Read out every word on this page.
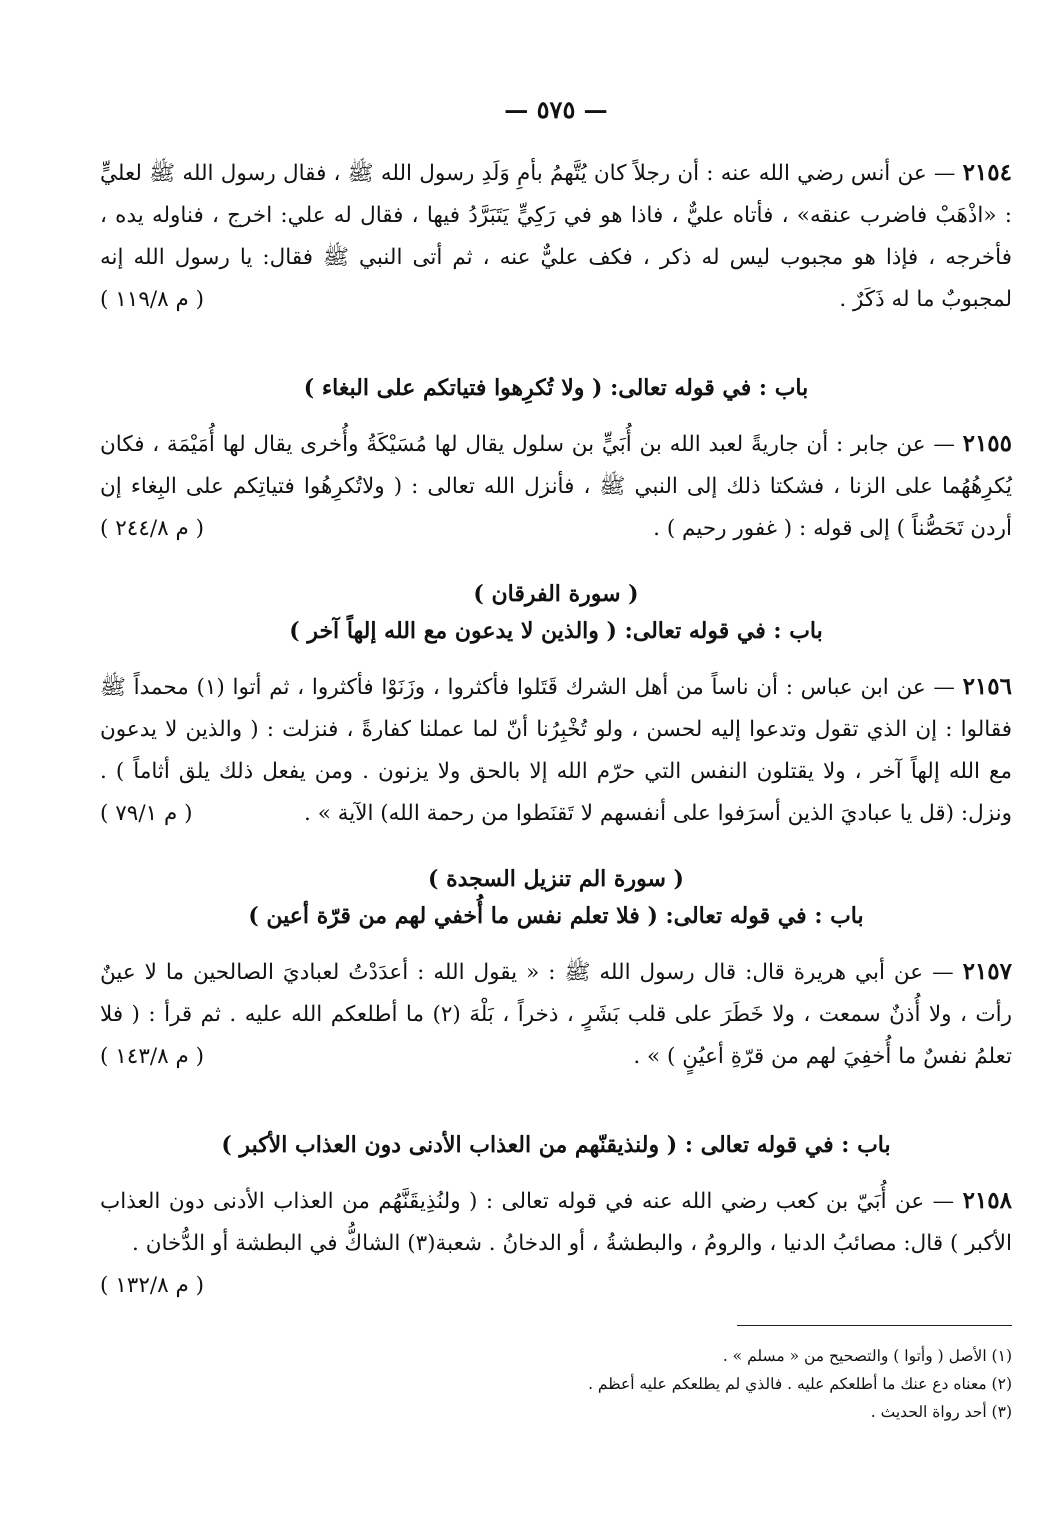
— ٥٧٥ —

٢١٥٤ — عن أنس رضي الله عنه : أن رجلاً كان يُتَّهمُ بأمِ وَلَدِ رسول الله ﷺ ، فقال رسول الله ﷺ لعليٍّ : «اذْهَبْ فاضرب عنقه» ، فأتاه عليٌّ ، فاذا هو في رَكِيٍّ يَتَبَرَّدُ فيها ، فقال له علي: اخرج ، فناوله يده ، فأخرجه ، فإذا هو مجبوب ليس له ذكر ، فكف عليٌّ عنه ، ثم أتى النبي ﷺ فقال: يا رسول الله إنه لمجبوبٌ ما له ذَكَرٌ .
( م ١١٩/٨ )

باب : في قوله تعالى: ( ولا تُكرِهوا فتياتكم على البغاء )

٢١٥٥ — عن جابر : أن جاريةً لعبد الله بن أُبَيٍّ بن سلول يقال لها مُسَيْكَةُ وأُخرى يقال لها أُمَيْمَة ، فكان يُكرِهُهُما على الزنا ، فشكتا ذلك إلى النبي ﷺ ، فأنزل الله تعالى : ( ولاتُكرِهُوا فتياتِكم على البِغاء إن أردن تَحَصُّناً ) إلى قوله : ( غفور رحيم ) .
( م ٢٤٤/٨ )

( سورة الفرقان )
باب : في قوله تعالى: ( والذين لا يدعون مع الله إلهاً آخر )

٢١٥٦ — عن ابن عباس : أن ناساً من أهل الشرك قَتَلوا فأكثروا ، وزَنَوْا فأكثروا ، ثم أتوا (١) محمداً ﷺ فقالوا : إن الذي تقول وتدعوا إليه لحسن ، ولو تُخْبِرُنا أنّ لما عملنا كفارةً ، فنزلت : ( والذين لا يدعون مع الله إلهاً آخر ، ولا يقتلون النفس التي حرّم الله إلا بالحق ولا يزنون . ومن يفعل ذلك يلق أثاماً ) . ونزل: (قل يا عباديَ الذين أسرَفوا على أنفسهم لا تَقنَطوا من رحمة الله) الآية » .
( م ٧٩/١ )

( سورة الم تنزيل السجدة )
باب : في قوله تعالى: ( فلا تعلم نفس ما أُخفي لهم من قرّة أعين )

٢١٥٧ — عن أبي هريرة قال: قال رسول الله ﷺ : « يقول الله : أعدَدْتُ لعباديَ الصالحين ما لا عينٌ رأت ، ولا أُذنٌ سمعت ، ولا خَطَرَ على قلب بَشَرٍ ، ذخراً ، بَلْهَ (٢) ما أطلعكم الله عليه . ثم قرأ : ( فلا تعلمُ نفسٌ ما أُخفِيَ لهم من قرّةِ أعيُنٍ ) » .
( م ١٤٣/٨ )

باب : في قوله تعالى : ( ولنذيقنّهم من العذاب الأدنى دون العذاب الأكبر )

٢١٥٨ — عن أُبَيّ بن كعب رضي الله عنه في قوله تعالى : ( ولنُذِيقَنَّهُم من العذاب الأدنى دون العذاب الأكبر ) قال: مصائبُ الدنيا ، والرومُ ، والبطشةُ ، أو الدخانُ . شعبة(٣) الشاكُّ في البطشة أو الدُّخان .
( م ١٣٢/٨ )

(١) الأصل ( وأتوا ) والتصحيح من « مسلم » .
(٢) معناه دع عنك ما أطلعكم عليه . فالذي لم يطلعكم عليه أعظم .
(٣) أحد رواة الحديث .
